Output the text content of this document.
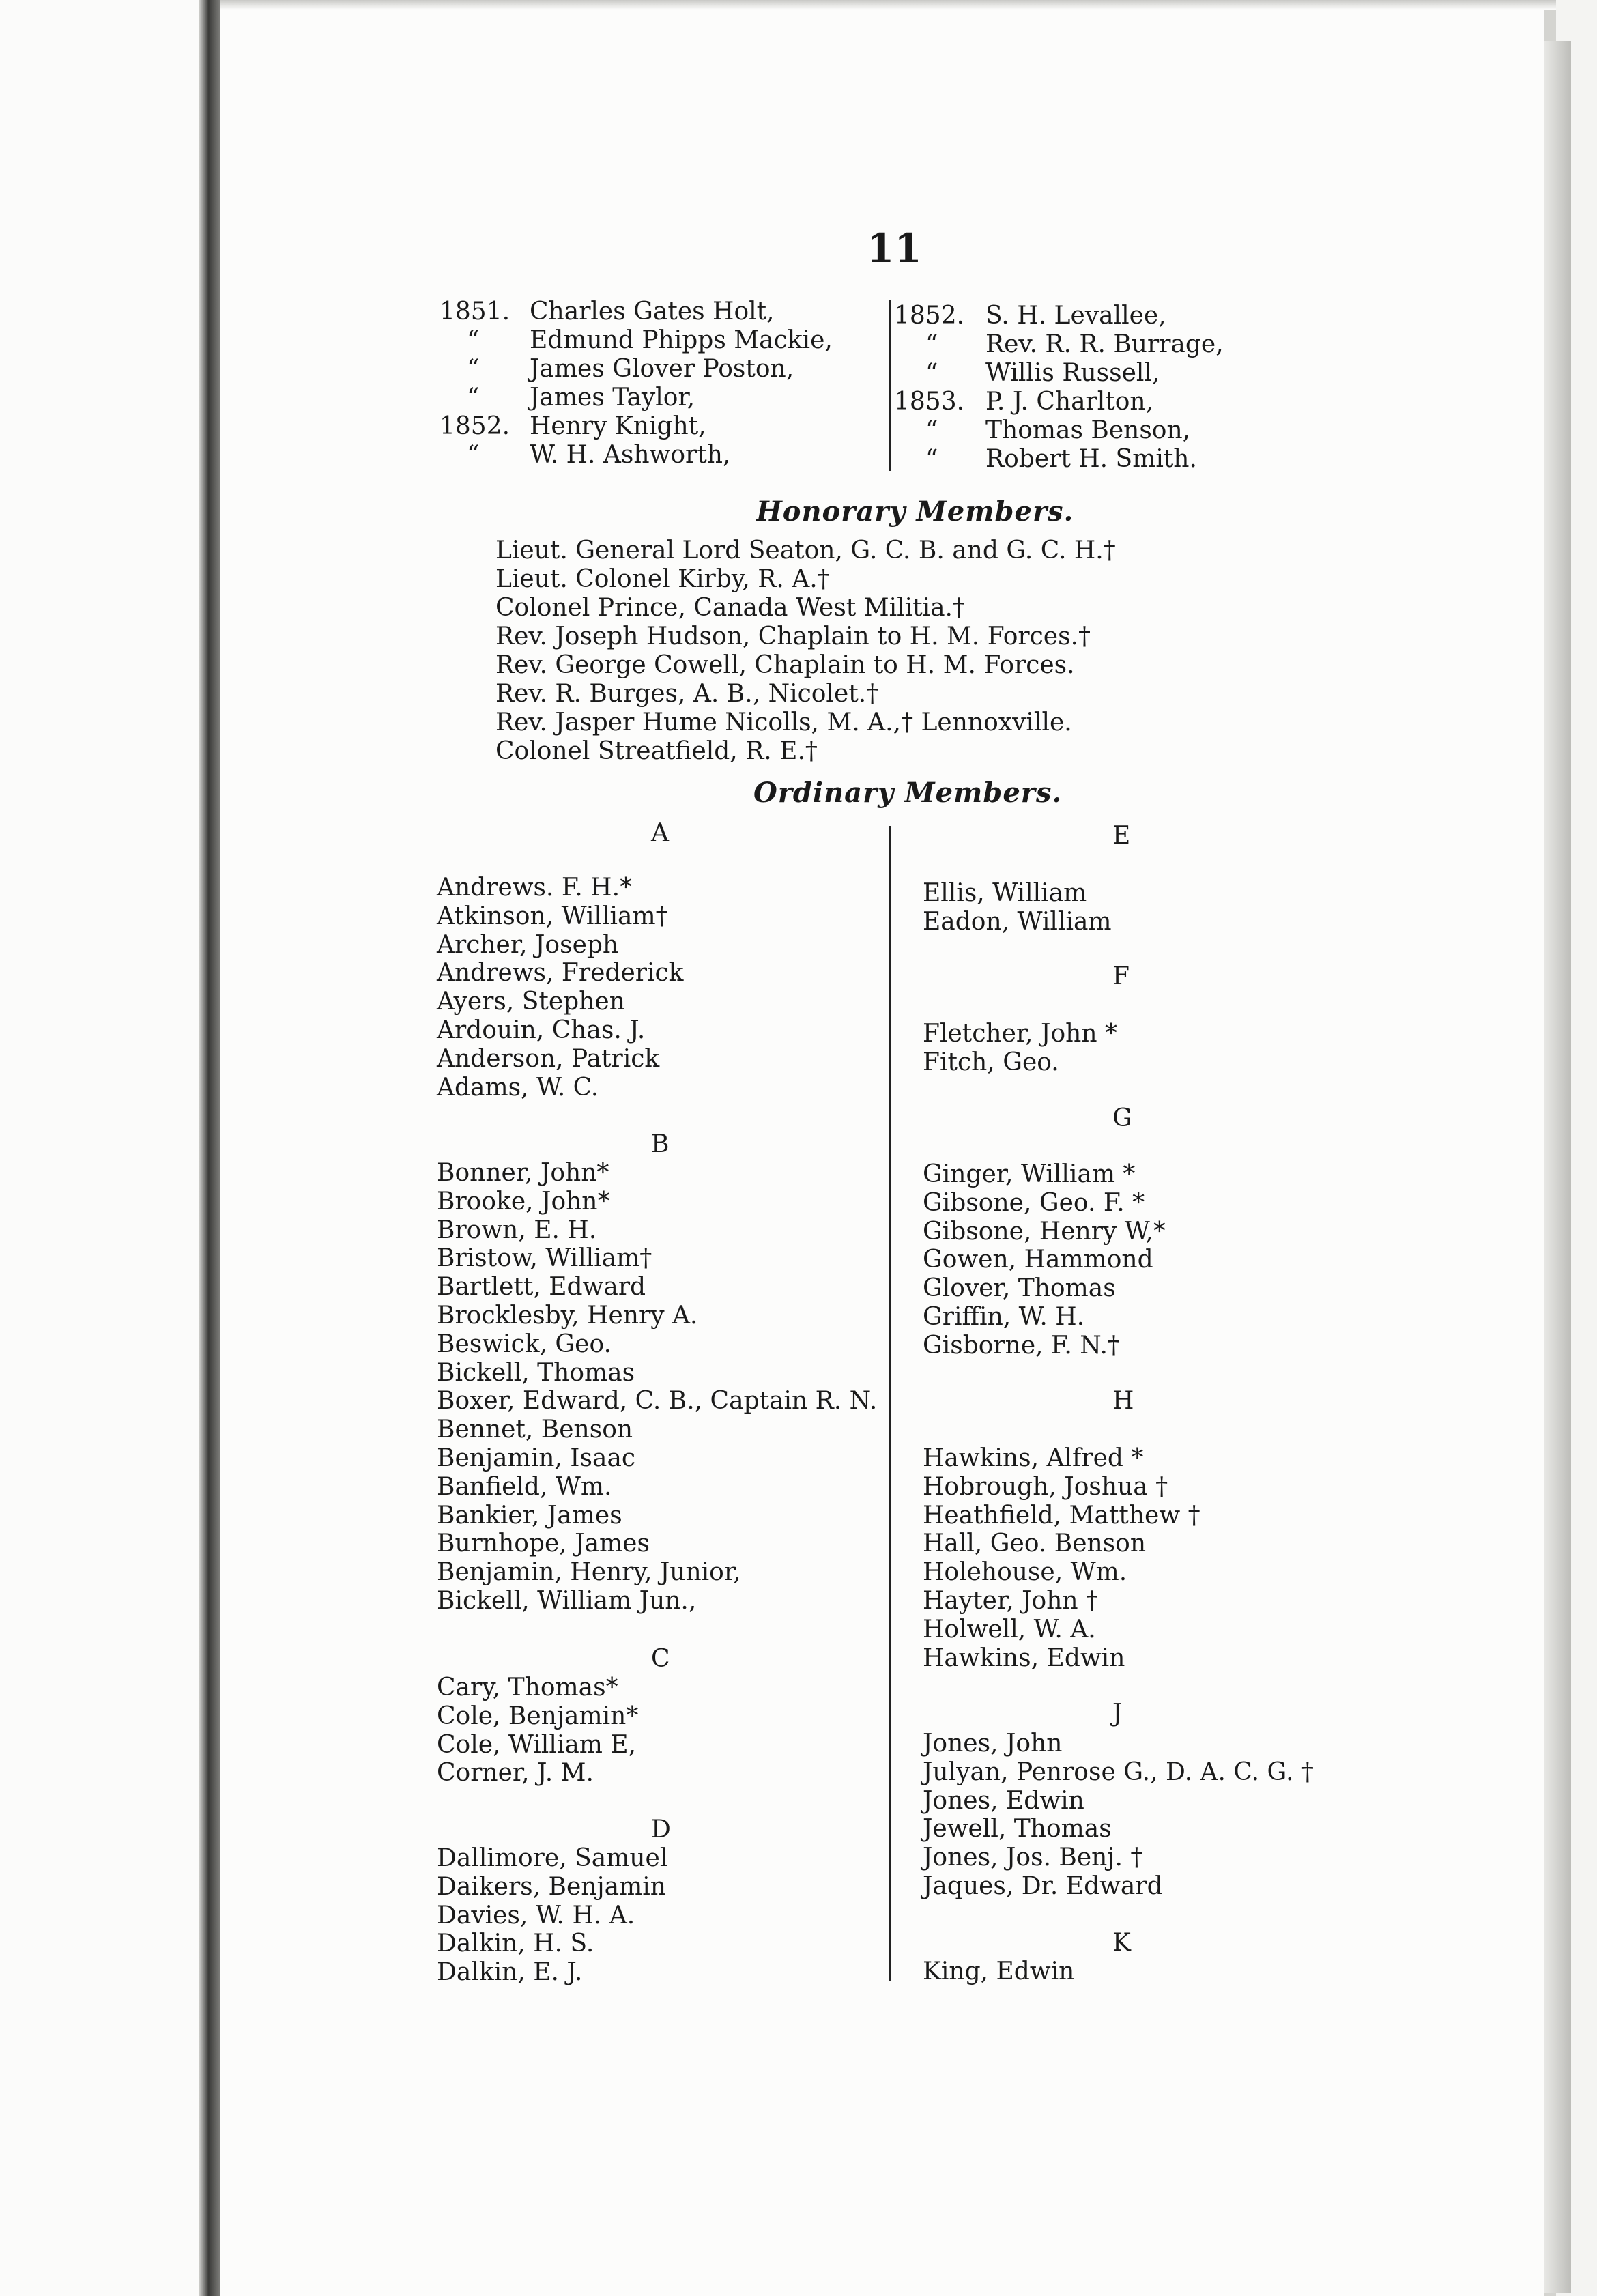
11
1851. Charles Gates Holt,
“ Edmund Phipps Mackie,
“ James Glover Poston,
“ James Taylor,
1852. Henry Knight,
“ W. H. Ashworth,
1852. S. H. Levallee,
“ Rev. R. R. Burrage,
“ Willis Russell,
1853. P. J. Charlton,
“ Thomas Benson,
“ Robert H. Smith.
Honorary Members.
Lieut. General Lord Seaton, G. C. B. and G. C. H.†
Lieut. Colonel Kirby, R. A.†
Colonel Prince, Canada West Militia.†
Rev. Joseph Hudson, Chaplain to H. M. Forces.†
Rev. George Cowell, Chaplain to H. M. Forces.
Rev. R. Burges, A. B., Nicolet.†
Rev. Jasper Hume Nicolls, M. A.,† Lennoxville.
Colonel Streatfield, R. E.†
Ordinary Members.
A
Andrews. F. H.*
Atkinson, William†
Archer, Joseph
Andrews, Frederick
Ayers, Stephen
Ardouin, Chas. J.
Anderson, Patrick
Adams, W. C.
B
Bonner, John*
Brooke, John*
Brown, E. H.
Bristow, William†
Bartlett, Edward
Brocklesby, Henry A.
Beswick, Geo.
Bickell, Thomas
Boxer, Edward, C. B., Captain R. N.
Bennet, Benson
Benjamin, Isaac
Banfield, Wm.
Bankier, James
Burnhope, James
Benjamin, Henry, Junior,
Bickell, William Jun.,
C
Cary, Thomas*
Cole, Benjamin*
Cole, William E,
Corner, J. M.
D
Dallimore, Samuel
Daikers, Benjamin
Davies, W. H. A.
Dalkin, H. S.
Dalkin, E. J.
E
Ellis, William
Eadon, William
F
Fletcher, John *
Fitch, Geo.
G
Ginger, William *
Gibsone, Geo. F. *
Gibsone, Henry W,*
Gowen, Hammond
Glover, Thomas
Griffin, W. H.
Gisborne, F. N.†
H
Hawkins, Alfred *
Hobrough, Joshua †
Heathfield, Matthew †
Hall, Geo. Benson
Holehouse, Wm.
Hayter, John †
Holwell, W. A.
Hawkins, Edwin
J
Jones, John
Julyan, Penrose G., D. A. C. G. †
Jones, Edwin
Jewell, Thomas
Jones, Jos. Benj. †
Jaques, Dr. Edward
K
King, Edwin
